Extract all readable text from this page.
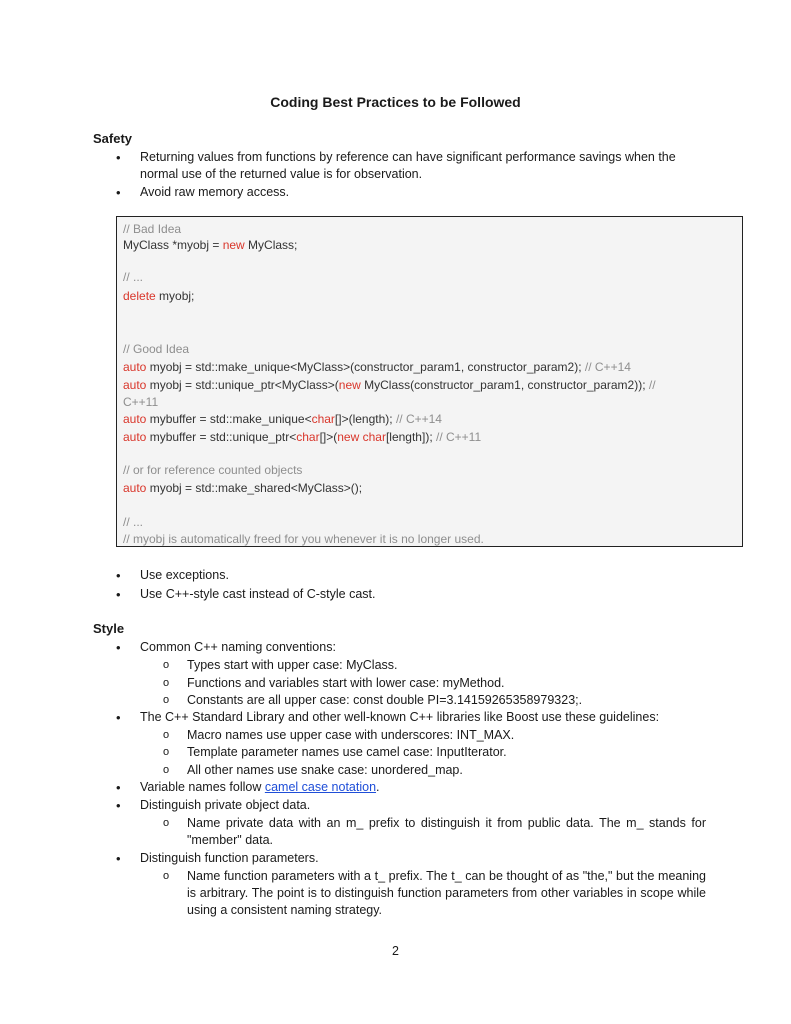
Coding Best Practices to be Followed
Safety
• Returning values from functions by reference can have significant performance savings when the normal use of the returned value is for observation.
• Avoid raw memory access.
// Bad Idea
MyClass *myobj = new MyClass;
// ...
delete myobj;
// Good Idea
auto myobj = std::make_unique<MyClass>(constructor_param1, constructor_param2); // C++14
auto myobj = std::unique_ptr<MyClass>(new MyClass(constructor_param1, constructor_param2)); //
C++11
auto mybuffer = std::make_unique<char[]>(length); // C++14
auto mybuffer = std::unique_ptr<char[]>(new char[length]); // C++11
// or for reference counted objects
auto myobj = std::make_shared<MyClass>();
// ...
// myobj is automatically freed for you whenever it is no longer used.
• Use exceptions.
• Use C++-style cast instead of C-style cast.
Style
• Common C++ naming conventions:
o Types start with upper case: MyClass.
o Functions and variables start with lower case: myMethod.
o Constants are all upper case: const double PI=3.14159265358979323;.
• The C++ Standard Library and other well-known C++ libraries like Boost use these guidelines:
o Macro names use upper case with underscores: INT_MAX.
o Template parameter names use camel case: InputIterator.
o All other names use snake case: unordered_map.
• Variable names follow camel case notation.
• Distinguish private object data.
o Name private data with an m_ prefix to distinguish it from public data. The m_ stands for "member" data.
• Distinguish function parameters.
o Name function parameters with a t_ prefix. The t_ can be thought of as "the," but the meaning is arbitrary. The point is to distinguish function parameters from other variables in scope while using a consistent naming strategy.
2
